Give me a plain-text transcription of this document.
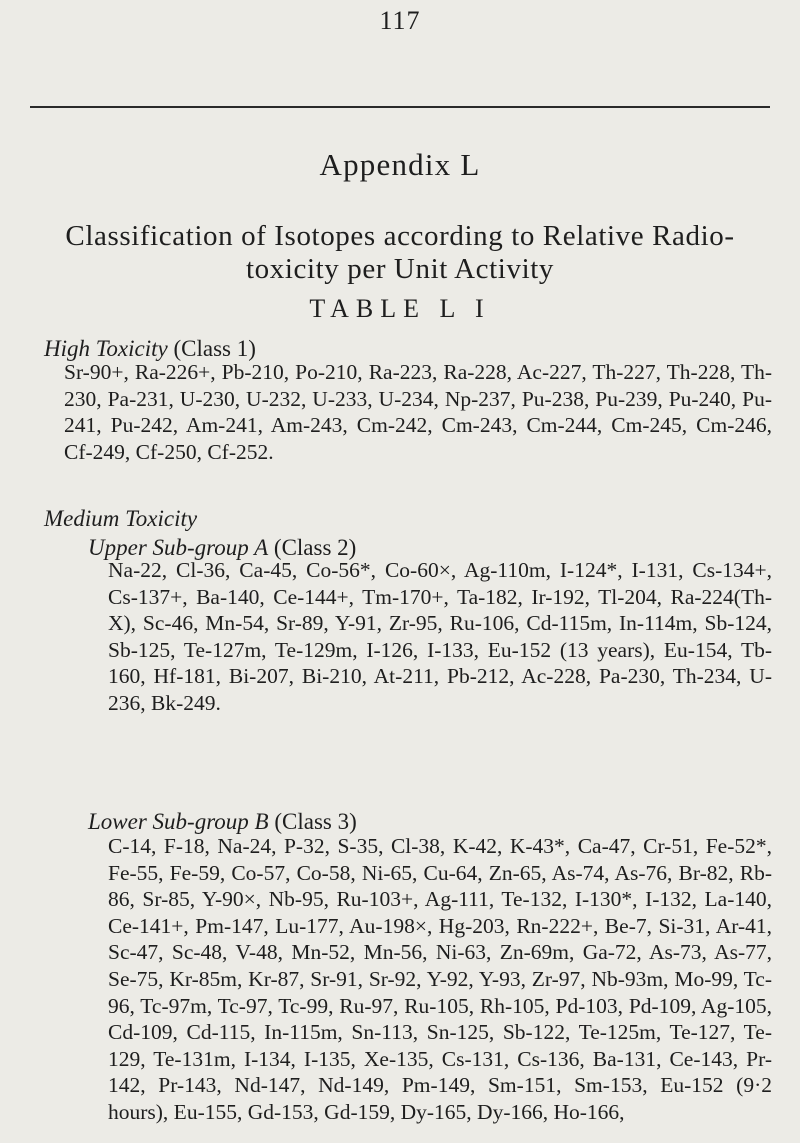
117
Appendix L
Classification of Isotopes according to Relative Radio-toxicity per Unit Activity
TABLE L I
High Toxicity (Class 1)
Sr-90+, Ra-226+, Pb-210, Po-210, Ra-223, Ra-228, Ac-227, Th-227, Th-228, Th-230, Pa-231, U-230, U-232, U-233, U-234, Np-237, Pu-238, Pu-239, Pu-240, Pu-241, Pu-242, Am-241, Am-243, Cm-242, Cm-243, Cm-244, Cm-245, Cm-246, Cf-249, Cf-250, Cf-252.
Medium Toxicity
Upper Sub-group A (Class 2)
Na-22, Cl-36, Ca-45, Co-56*, Co-60×, Ag-110m, I-124*, I-131, Cs-134+, Cs-137+, Ba-140, Ce-144+, Tm-170+, Ta-182, Ir-192, Tl-204, Ra-224(Th-X), Sc-46, Mn-54, Sr-89, Y-91, Zr-95, Ru-106, Cd-115m, In-114m, Sb-124, Sb-125, Te-127m, Te-129m, I-126, I-133, Eu-152 (13 years), Eu-154, Tb-160, Hf-181, Bi-207, Bi-210, At-211, Pb-212, Ac-228, Pa-230, Th-234, U-236, Bk-249.
Lower Sub-group B (Class 3)
C-14, F-18, Na-24, P-32, S-35, Cl-38, K-42, K-43*, Ca-47, Cr-51, Fe-52*, Fe-55, Fe-59, Co-57, Co-58, Ni-65, Cu-64, Zn-65, As-74, As-76, Br-82, Rb-86, Sr-85, Y-90×, Nb-95, Ru-103+, Ag-111, Te-132, I-130*, I-132, La-140, Ce-141+, Pm-147, Lu-177, Au-198×, Hg-203, Rn-222+, Be-7, Si-31, Ar-41, Sc-47, Sc-48, V-48, Mn-52, Mn-56, Ni-63, Zn-69m, Ga-72, As-73, As-77, Se-75, Kr-85m, Kr-87, Sr-91, Sr-92, Y-92, Y-93, Zr-97, Nb-93m, Mo-99, Tc-96, Tc-97m, Tc-97, Tc-99, Ru-97, Ru-105, Rh-105, Pd-103, Pd-109, Ag-105, Cd-109, Cd-115, In-115m, Sn-113, Sn-125, Sb-122, Te-125m, Te-127, Te-129, Te-131m, I-134, I-135, Xe-135, Cs-131, Cs-136, Ba-131, Ce-143, Pr-142, Pr-143, Nd-147, Nd-149, Pm-149, Sm-151, Sm-153, Eu-152 (9·2 hours), Eu-155, Gd-153, Gd-159, Dy-165, Dy-166, Ho-166,
